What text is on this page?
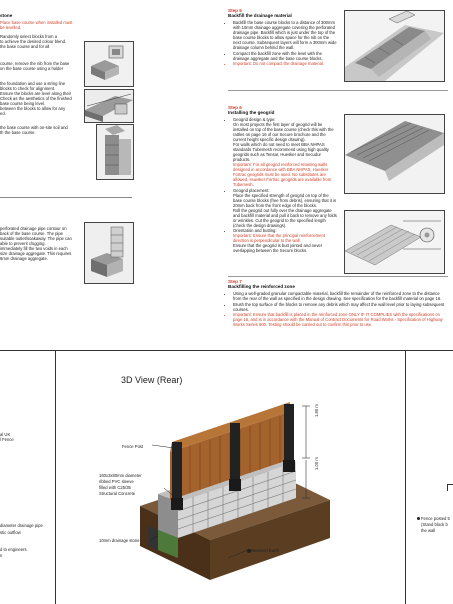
stone
Place base course when installed must
be levelled.
Randomly select blocks from a
to achieve the desired colour blend.
the base course and for all
course, remove the nib from the base
on the base course using a holder
the foundation and use a string line
blocks to check for alignment.
Ensure the blocks are level along their
Check as the aesthetics of the finished
base course being level.
between the blocks to allow for any
ed.
the base course with on-site soil and
th the base course.
perforated drainage pipe contour on
back of the base course. The pipe
suitable outlet/soakaway. The pipe can
able to prevent clogging.
immediately fill the two voids in each
size drainage aggregate. This requires
6mm drainage aggregate.
Step 5
Backfill the drainage material
• Backfill the base course blocks to a distance of 300mm with 10mm drainage aggregate covering the perforated drainage pipe. Backfill which is just under the top of the base course blocks to allow space for the nib on the next course. Subsequent layers will form a 300mm wide drainage column behind the wall.
• Compact the backfill zone with the level with the drainage aggregate and the base course blocks.
• Important: Do not compact the drainage material.
Step 6
Installing the geogrid
• Geogrid design & type:
On most projects the first layer of geogrid will be installed on top of the base course (check this with the rattles on page 16 of our Secure brochure and the current height specific design drawing).
For walls which do not need to meet BBA NHPAS standards Tubemesh recommend using high quality geogrids such as Tensar, Huesker and Secudur products.
Important: For all geogrid reinforced retaining walls designed in accordance with BBA NHPAS, Huesker Fortrac geogrids must be used. No substitutes are allowed. Huesker Fortrac geogrids are available from Tubemesh.
• Geogrid placement:
Place the specified strength of geogrid on top of the base course blocks (free from debris), ensuring that it is 20mm back from the front edge of the blocks.
Roll the geogrid out fully over the drainage aggregate and backfill material and pull it back to remove any folds or wrinkles. Cut the geogrid to the specified length (check the design drawings).
• Orientation and butting:
Important: Ensure that the principal reinforcement direction is perpendicular to the wall.
Ensure that the geogrid is butt jointed and never overlapping between the Secure blocks.
Step 7
Backfilling the reinforced zone
• Using a well-graded granular compactable material, backfill the remainder of the reinforced zone to the distance from the rear of the wall as specified in the design drawing. See specification for the backfill material on page 16.
• Brush the top surface of the blocks to remove any debris which may affect the wall level prior to laying subsequent courses.
• Important: Ensure that backfill is placed in the reinforced zone ONLY IF IT COMPLIES with the specifications on page 16, and is in accordance with the Manual of Contract Documents for Road Works - Specification of Highway Works Series 600. Testing should be carried out to confirm this prior to use.
3D View (Rear)
al UK
l Fence
diameter drainage pipe
stic outflow
d to engineers
n
Fence posted 5
(Stand block b
the wall
Fence Post
1.80 m
1.00 m
160x3x80mm diameter
ribbed PVC sleeve
filled with C25/35
Structural Concrete
10mm drainage stone
Retained Earth
